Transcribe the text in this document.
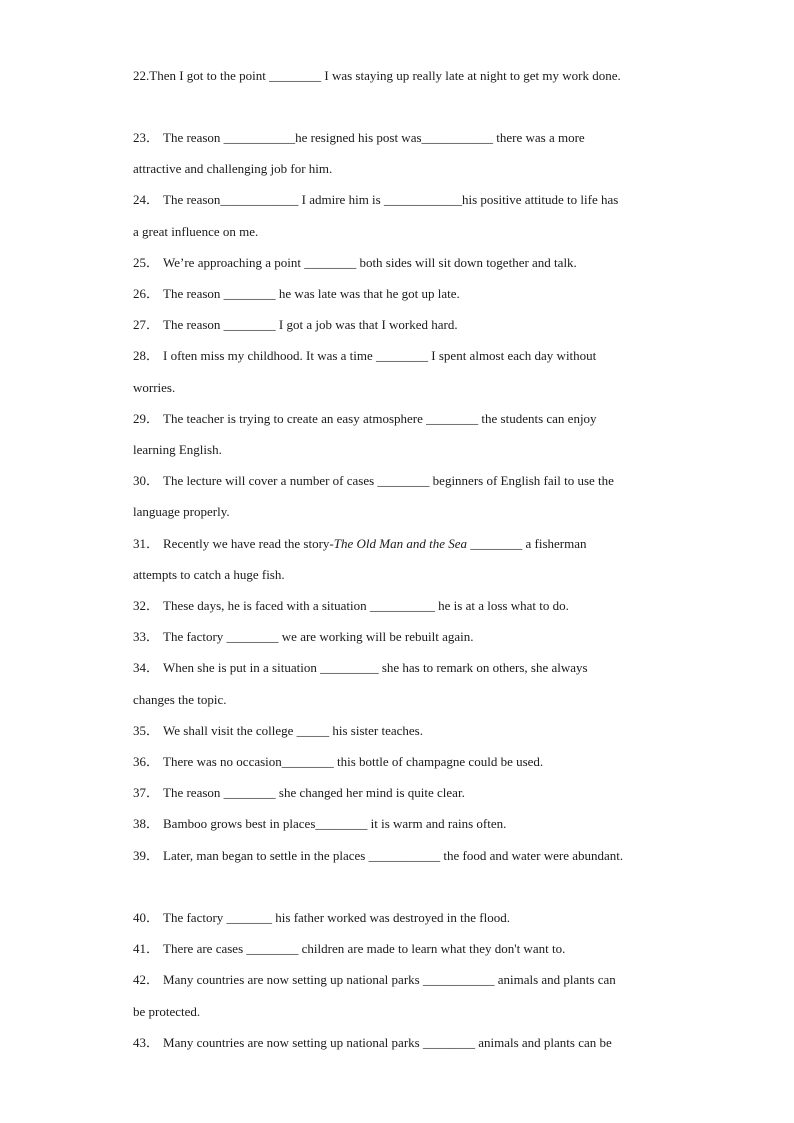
22.Then I got to the point ________ I was staying up really late at night to get my work done.
23． The reason ___________he resigned his post was___________ there was a more
attractive and challenging job for him.
24． The reason____________ I admire him is ____________his positive attitude to life has
a great influence on me.
25． We’re approaching a point ________ both sides will sit down together and talk.
26． The reason ________ he was late was that he got up late.
27． The reason ________ I got a job was that I worked hard.
28． I often miss my childhood. It was a time ________ I spent almost each day without
worries.
29． The teacher is trying to create an easy atmosphere ________ the students can enjoy
learning English.
30． The lecture will cover a number of cases ________ beginners of English fail to use the
language properly.
31． Recently we have read the story-The Old Man and the Sea ________ a fisherman
attempts to catch a huge fish.
32． These days, he is faced with a situation __________ he is at a loss what to do.
33． The factory ________ we are working will be rebuilt again.
34． When she is put in a situation _________ she has to remark on others, she always
changes the topic.
35． We shall visit the college _____ his sister teaches.
36． There was no occasion________ this bottle of champagne could be used.
37． The reason ________ she changed her mind is quite clear.
38． Bamboo grows best in places________ it is warm and rains often.
39． Later, man began to settle in the places ___________ the food and water were abundant.
40． The factory _______ his father worked was destroyed in the flood.
41． There are cases ________ children are made to learn what they don't want to.
42． Many countries are now setting up national parks ___________ animals and plants can
be protected.
43． Many countries are now setting up national parks ________ animals and plants can be
